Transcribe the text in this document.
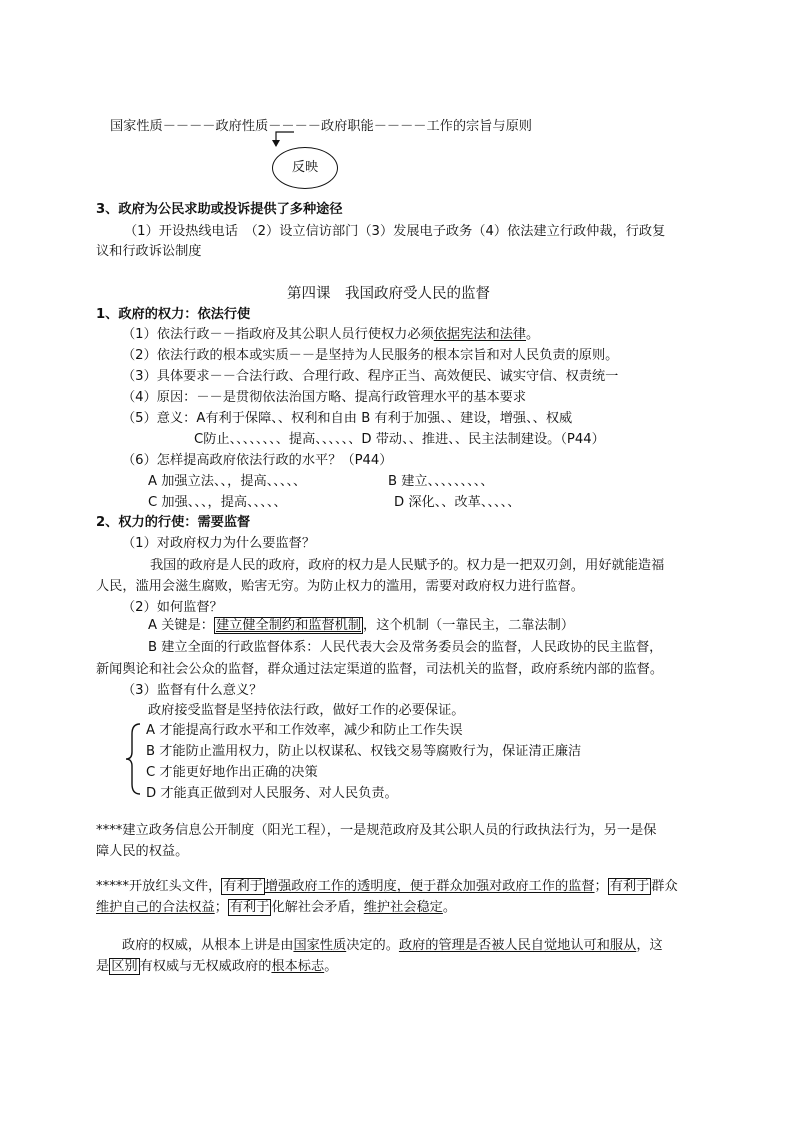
国家性质－－－－政府性质－－－－政府职能－－－－工作的宗旨与原则
反映
3、政府为公民求助或投诉提供了多种途径
（1）开设热线电话　（2）设立信访部门（3）发展电子政务（4）依法建立行政仲裁，行政复
议和行政诉讼制度
第四课　我国政府受人民的监督
1、政府的权力：依法行使
（1）依法行政－－指政府及其公职人员行使权力必须依据宪法和法律。
（2）依法行政的根本或实质－－是坚持为人民服务的根本宗旨和对人民负责的原则。
（3）具体要求－－合法行政、合理行政、程序正当、高效便民、诚实守信、权责统一
（4）原因：－－是贯彻依法治国方略、提高行政管理水平的基本要求
（5）意义：A有利于保障、、权利和自由 B 有利于加强、、建设，增强、、权威
C防止、、、、、、、、提高、、、、、、D 带动、、推进、、民主法制建设。（P44）
（6）怎样提高政府依法行政的水平？（P44）
A 加强立法、、，提高、、、、、	B 建立、、、、、、、、、
C 加强、、、，提高、、、、、	D 深化、、改革、、、、、
2、权力的行使：需要监督
（1）对政府权力为什么要监督？
我国的政府是人民的政府，政府的权力是人民赋予的。权力是一把双刃剑，用好就能造福
人民，滥用会滋生腐败，贻害无穷。为防止权力的滥用，需要对政府权力进行监督。
（2）如何监督？
A 关键是： 建立健全制约和监督机制 ，这个机制（一靠民主，二靠法制）
B 建立全面的行政监督体系：人民代表大会及常务委员会的监督，人民政协的民主监督，
新闻舆论和社会公众的监督，群众通过法定渠道的监督，司法机关的监督，政府系统内部的监督。
（3）监督有什么意义？
政府接受监督是坚持依法行政，做好工作的必要保证。
A 才能提高行政水平和工作效率，减少和防止工作失误
B 才能防止滥用权力，防止以权谋私、权钱交易等腐败行为，保证清正廉洁
C 才能更好地作出正确的决策
D 才能真正做到对人民服务、对人民负责。
****建立政务信息公开制度（阳光工程），一是规范政府及其公职人员的行政执法行为，另一是保
障人民的权益。
*****开放红头文件， 有利于 增强政府工作的透明度，便于群众加强对政府工作的监督； 有利于 群众
维护自己的合法权益； 有利于 化解社会矛盾，维护社会稳定。
政府的权威，从根本上讲是由国家性质决定的。政府的管理是否被人民自觉地认可和服从，这
是 区别 有权威与无权威政府的根本标志。
